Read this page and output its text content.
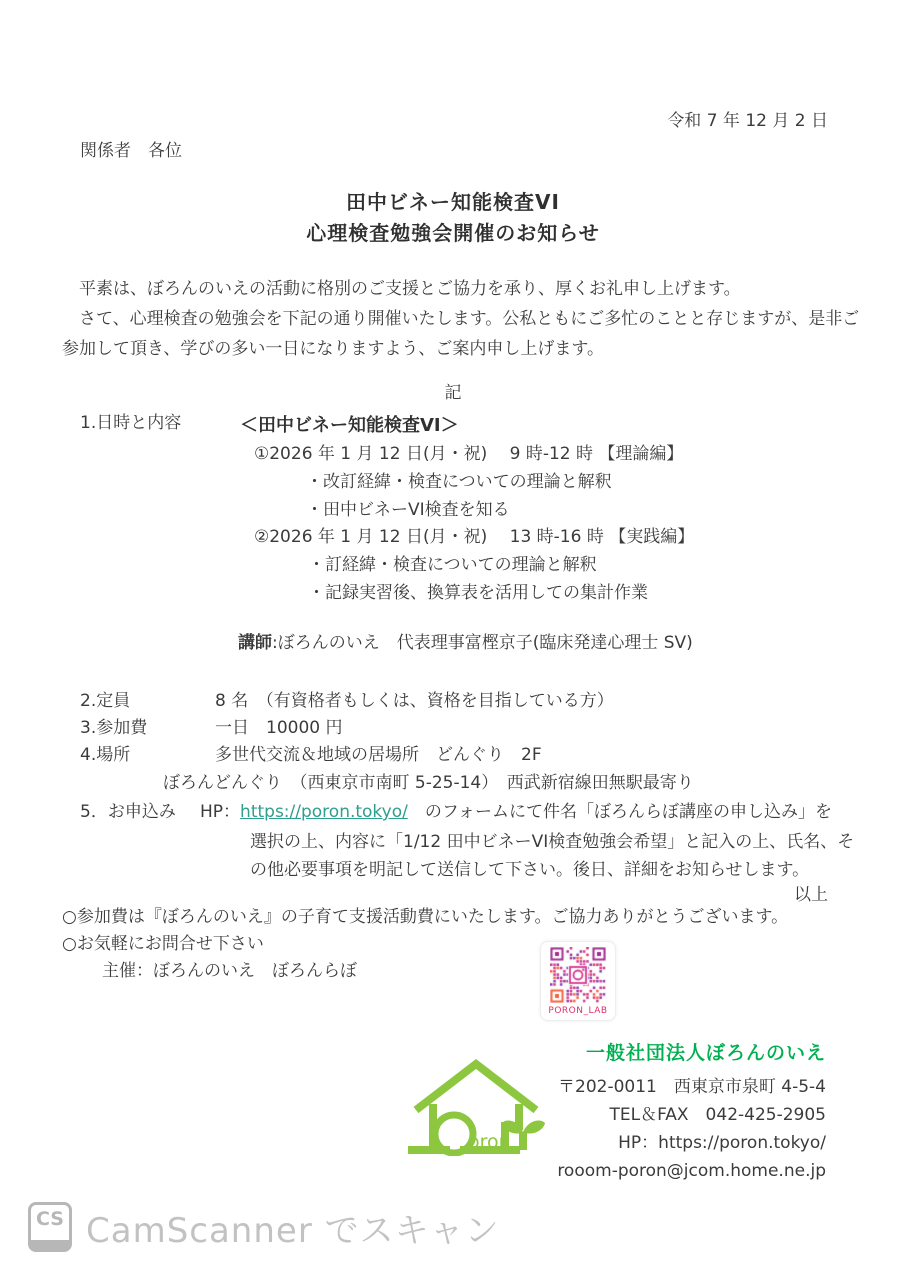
令和 7 年 12 月 2 日
関係者　各位
田中ビネー知能検査VI
心理検査勉強会開催のお知らせ
　平素は、ぼろんのいえの活動に格別のご支援とご協力を承り、厚くお礼申し上げます。
　さて、心理検査の勉強会を下記の通り開催いたします。公私ともにご多忙のことと存じますが、是非ご
参加して頂き、学びの多い一日になりますよう、ご案内申し上げます。
記
1.日時と内容	＜田中ビネー知能検査VI＞
①2026 年 1 月 12 日(月・祝)　 9 時-12 時 【理論編】
・改訂経緯・検査についての理論と解釈
・田中ビネーVI検査を知る
②2026 年 1 月 12 日(月・祝)　 13 時-16 時 【実践編】
・訂経緯・検査についての理論と解釈
・記録実習後、換算表を活用しての集計作業
講師:ぼろんのいえ　代表理事富樫京子(臨床発達心理士 SV)
2.定員	8 名　（有資格者もしくは、資格を目指している方）
3.参加費	一日　10000 円
4.場所	多世代交流＆地域の居場所　どんぐり　2F
ぼろんどんぐり　（西東京市南町 5-25-14）　西武新宿線田無駅最寄り
5．お申込み HP：https://poron.tokyo/　のフォームにて件名「ぼろんらぼ講座の申し込み」を
選択の上、内容に「1/12 田中ビネーVI検査勉強会希望」と記入の上、氏名、そ
の他必要事項を明記して送信して下さい。後日、詳細をお知らせします。
以上
○参加費は『ぼろんのいえ』の子育て支援活動費にいたします。ご協力ありがとうございます。
○お気軽にお問合せ下さい
主催：ぼろんのいえ　ぼろんらぼ
PORON_LAB
oron
一般社団法人ぼろんのいえ
〒202-0011　西東京市泉町 4-5-4
TEL＆FAX　042-425-2905
HP：https://poron.tokyo/
rooom-poron@jcom.home.ne.jp
CS CamScanner でスキャン
